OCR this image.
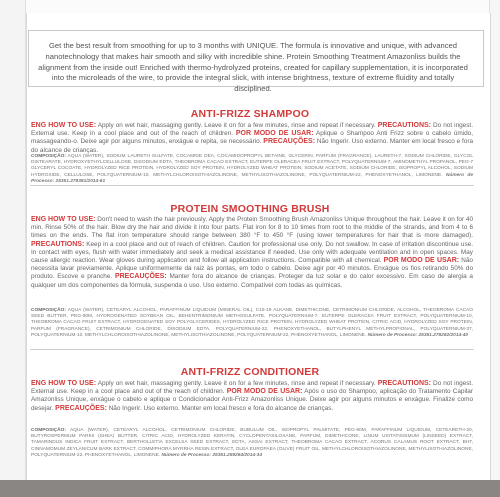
Get the best result from smoothing for up to 3 months with UNIQUE. The formula is innovative and unique, with advanced nanotechnology that makes hair smooth and silky with incredible shine. Protein Smoothing Treatment Amazonliss builds the alignment from the inside out! Enriched with thermo-hydrolyzed proteins, created for capillary supplementation, it is incorporated into the microleads of the wire, to provide the integral slick, with intense brightness, texture of extreme fluidity and totally disciplined.
ANTI-FRIZZ SHAMPOO
ENG HOW TO USE: Apply on wet hair, massaging gently. Leave it on for a few minutes, rinse and repeat if necessary. PRECAUTIONS: Do not ingest. External use. Keep in a cool place and out of the reach of children. POR MODO DE USAR: Aplique o Shampoo Anti Frizz sobre o cabelo úmido, massageando-o. Deixe agir por alguns minutos, enxágue e repita, se necessário. PRECAUÇÕES: Não Ingerir. Uso externo. Manter em local fresco e fora do alcance de crianças.
COMPOSIÇÃO: AQUA (WATER), SODIUM LAURETH SULFATE, COCAMIDE DEA, COCAMIDOPROPYL BETAINE, GLYCERIN, PARFUM (FRAGRANCE), LAURETH-7, SODIUM CHLORIDE, GLYCOL DISTEARATE, HYDROXYETHYLCELLULOSE, DISODIUM EDTA, THEOBROMA CACAO EXTRACT, EUTERPE OLERACEA FRUIT EXTRACT, POLYQUATERNIUM-7, AMINOMETHYL PROPANOL, PEG-7 GLYCERYL COCOATE, HYDROLYZED RICE PROTEIN, HYDROLYZED SOY PROTEIN, HYDROLYZED WHEAT PROTEIN, SODIUM ACETATE, SODIUM CHLORIDE, ISOPROPYL ALCOHOL, SODIUM HYDROXIDE, CELLULOSE, POLYQUATERNIUM-10, METHYLCHLOROISOTHIAZOLINONE, METHYLISOTHIAZOLINONE, POLYQUATERNIUM-22, PHENOXYETHANOL, LIMONENE. Número de Processo: 25351.278381/2014-61
PROTEIN SMOOTHING BRUSH
ENG HOW TO USE: Don't need to wash the hair previously. Apply the Protein Smoothing Brush Amazonliss Unique throughout the hair. Leave it on for 40 min. Rinse 50% of the hair. Blow dry the hair and divide it into four parts. Flat iron for 8 to 10 times from root to the middle of the strands, and from 4 to 6 times on the ends. The flat iron temperature should range between 380 °F to 450 °F (using lower temperatures for hair that is more damaged). PRECAUTIONS: Keep in a cool place and out of reach of children. Caution for professional use only. Do not swallow. In case of irritation discontinue use. In contact with eyes, flush with water immediately and seek a medical assistance if needed. Use only with adequate ventilation and in open spaces. May cause allergic reaction. Wear gloves during application and follow all application instructions. Compatible with all chemical. POR MODO DE USAR: Não necessita lavar previamente. Aplique uniformemente da raiz às pontas, em todo o cabelo. Deixe agir por 40 minutos. Enxágue os fios retirando 50% do produto. Escove e pranche. PRECAUÇÕES: Manter fora do alcance de crianças. Proteger da luz solar e do calor excessivo. Em caso de alergia a qualquer um dos componentes da fórmula, suspenda o uso. Uso externo. Compatível com todas as químicas.
COMPOSIÇÃO: AQUA (WATER), CETEARYL ALCOHOL, PARAFFINUM LIQUIDUM (MINERAL OIL), C15-19 ALKANE, DIMETHICONE, CETRIMONIUM CHLORIDE, ALCOHOL, THEOBROMA CACAO SEED BUTTER, PEG-90M, HYDROGENATED SOYBEAN OIL, BEHENTRIMONIUM METHOSULFATE, POLYQUATERNIUM-7, EUTERPE OLERACEA FRUIT EXTRACT, POLYQUATERNIUM-10, THEOBROMA CACAO FRUIT EXTRACT, HYDROGENATED SOY POLYGLYCERIDES, HYDROLYZED RICE PROTEIN, HYDROLYZED WHEAT PROTEIN, CITRIC ACID, HYDROLYZED SOY PROTEIN, PARFUM (FRAGRANCE), CETRIMONIUM CHLORIDE, DISODIUM EDTA, POLYQUATERNIUM-22, PHENOXYETHANOL, BUTYLPHENYL METHYLPROPIONAL, POLYQUATERNIUM-37, POLYQUATERNIUM-10, METHYLCHLOROISOTHIAZOLINONE, METHYLISOTHIAZOLINONE, POLYQUATERNIUM-22, PHENOXYETHANOL, LIMONENE. Número de Processo: 25351.278262/2014-40
ANTI-FRIZZ CONDITIONER
ENG HOW TO USE: Apply on wet hair, massaging gently. Leave it on for a few minutes, rinse and repeat if necessary. PRECAUTIONS: Do not ingest. External use. Keep in a cool place and out of the reach of children. POR MODO DE USAR: Após o uso do Shampoo, aplicação do Tratamento Capilar Amazonliss Unique, enxágue o cabelo e aplique o Condicionador Anti-Frizz Amazonliss Unique. Deixe agir por alguns minutos e enxágue. Finalize como desejar. PRECAUÇÕES: Não Ingerir. Uso externo. Manter em local fresco e fora do alcance de crianças.
COMPOSIÇÃO: AQUA (WATER), CETEARYL ALCOHOL, CETRIMONIUM CHLORIDE, BUBULUM OIL, ISOPROPYL PALMITATE, PEG-90M, PARAFFINUM LIQUIDUM, CETEARETH-20, BUTYROSPERMUM PARKII (SHEA) BUTTER, CITRIC ACID, HYDROLYZED KERATIN, CYCLOPENTASILOXANE, PARFUM, DIMETHICONE, LINUM USITATISSIMUM (LINSEED) EXTRACT, TAMARINDUS INDICA FRUIT EXTRACT, BERTHOLLETIA EXCELSA SEED EXTRACT, EDTA, ASSAI EXTRACT, THEOBROMA CACAO EXTRACT, ACORUS CALAMUS ROOT EXTRACT, BHT, CINNAMOMUM ZEYLANICUM BARK EXTRACT, COMMIPHORA MYRRHA RESIN EXTRACT, OLEA EUROPAEA (OLIVE) FRUIT OIL, METHYLCHLOROISOTHIAZOLINONE, METHYLISOTHIAZOLINONE, POLYQUATERNIUM-22, PHENOXYETHANOL, LIMONENE. Número de Processo: 25351.259264/2014-34
